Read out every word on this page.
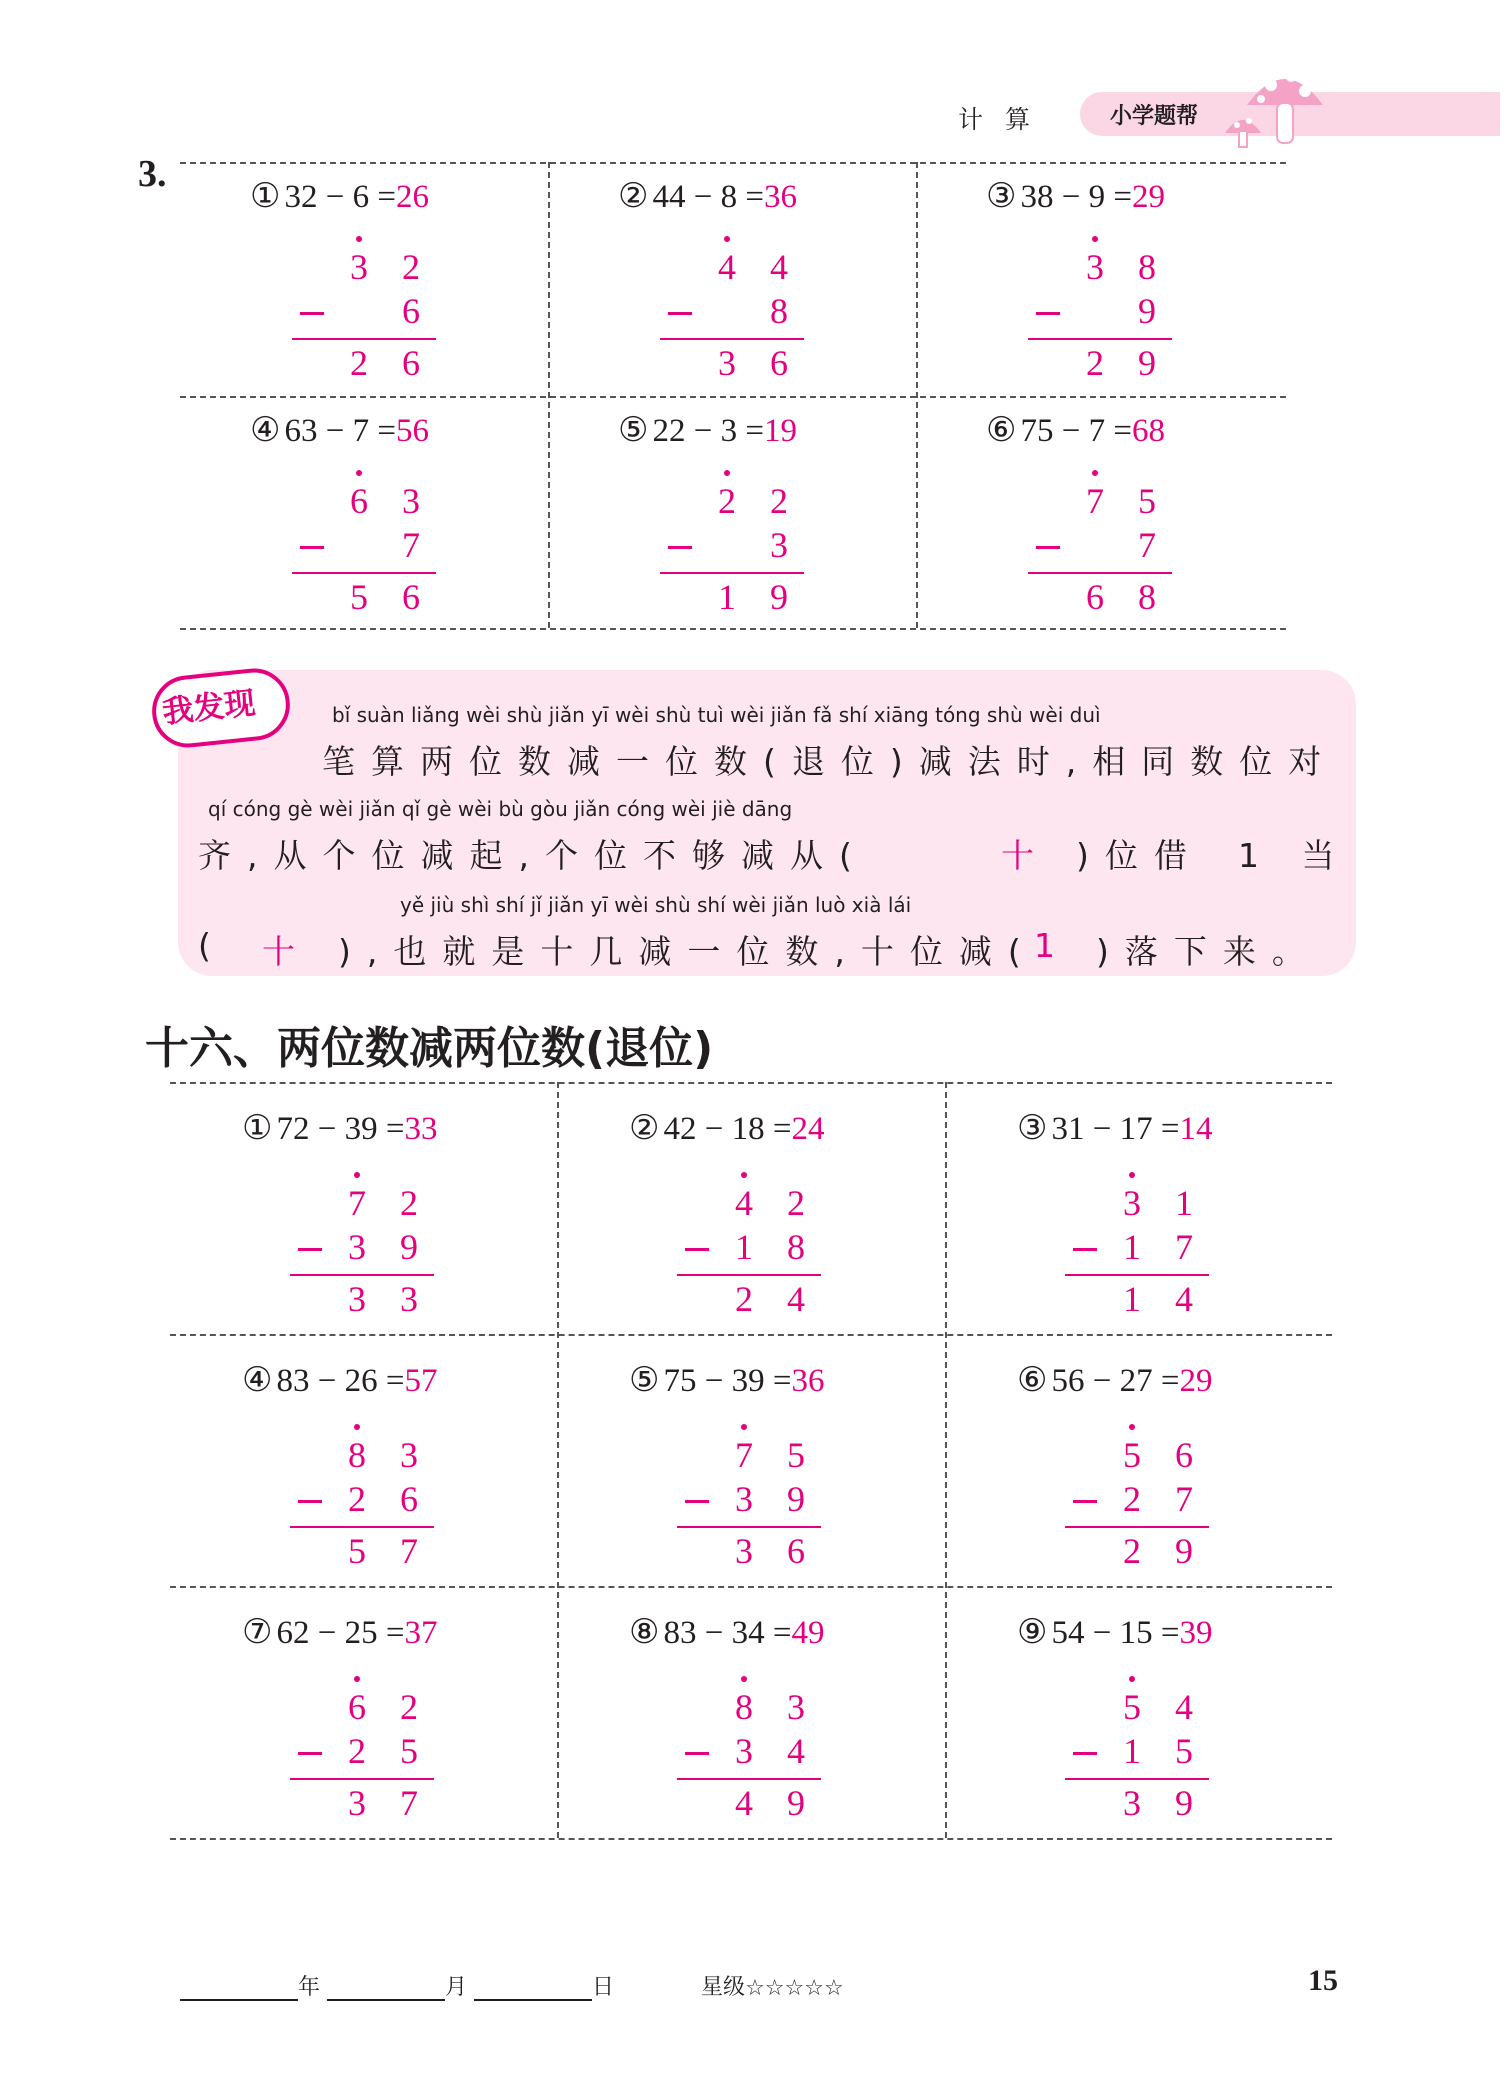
计算	小学题帮
3.
① 32 − 6 =26
3 2
6
2 6
② 44 − 8 =36
4 4
8
3 6
③ 38 − 9 =29
3 8
9
2 9
④ 63 − 7 =56
6 3
7
5 6
⑤ 22 − 3 =19
2 2
3
1 9
⑥ 75 − 7 =68
7 5
7
6 8
我发现	bǐ suàn liǎng wèi shù jiǎn yī wèi shù tuì wèi jiǎn fǎ shí xiāng tóng shù wèi duì
笔算两位数减一位数(退位)减法时,相同数位对
qí cóng gè wèi jiǎn qǐ gè wèi bù gòu jiǎn cóng wèi jiè dāng
齐,从个位减起,个位不够减从(	十 )位借 1 当
yě jiù shì shí jǐ jiǎn yī wèi shù shí wèi jiǎn luò xià lái
( 十 ),也就是十几减一位数,十位减(
1 )落下来。
十六、两位数减两位数(退位)
① 72 − 39 =33
7 2
3 9
3 3
② 42 − 18 =24
4 2
1 8
2 4
③ 31 − 17 =14
3 1
1 7
1 4
④ 83 − 26 =57
8 3
2 6
5 7
⑤ 75 − 39 =36
7 5
3 9
3 6
⑥ 56 − 27 =29
5 6
2 7
2 9
⑦ 62 − 25 =37
6 2
2 5
3 7
⑧ 83 − 34 =49
8 3
3 4
4 9
⑨ 54 − 15 =39
5 4
1 5
3 9
年	月	日	星级☆☆☆☆☆	15
